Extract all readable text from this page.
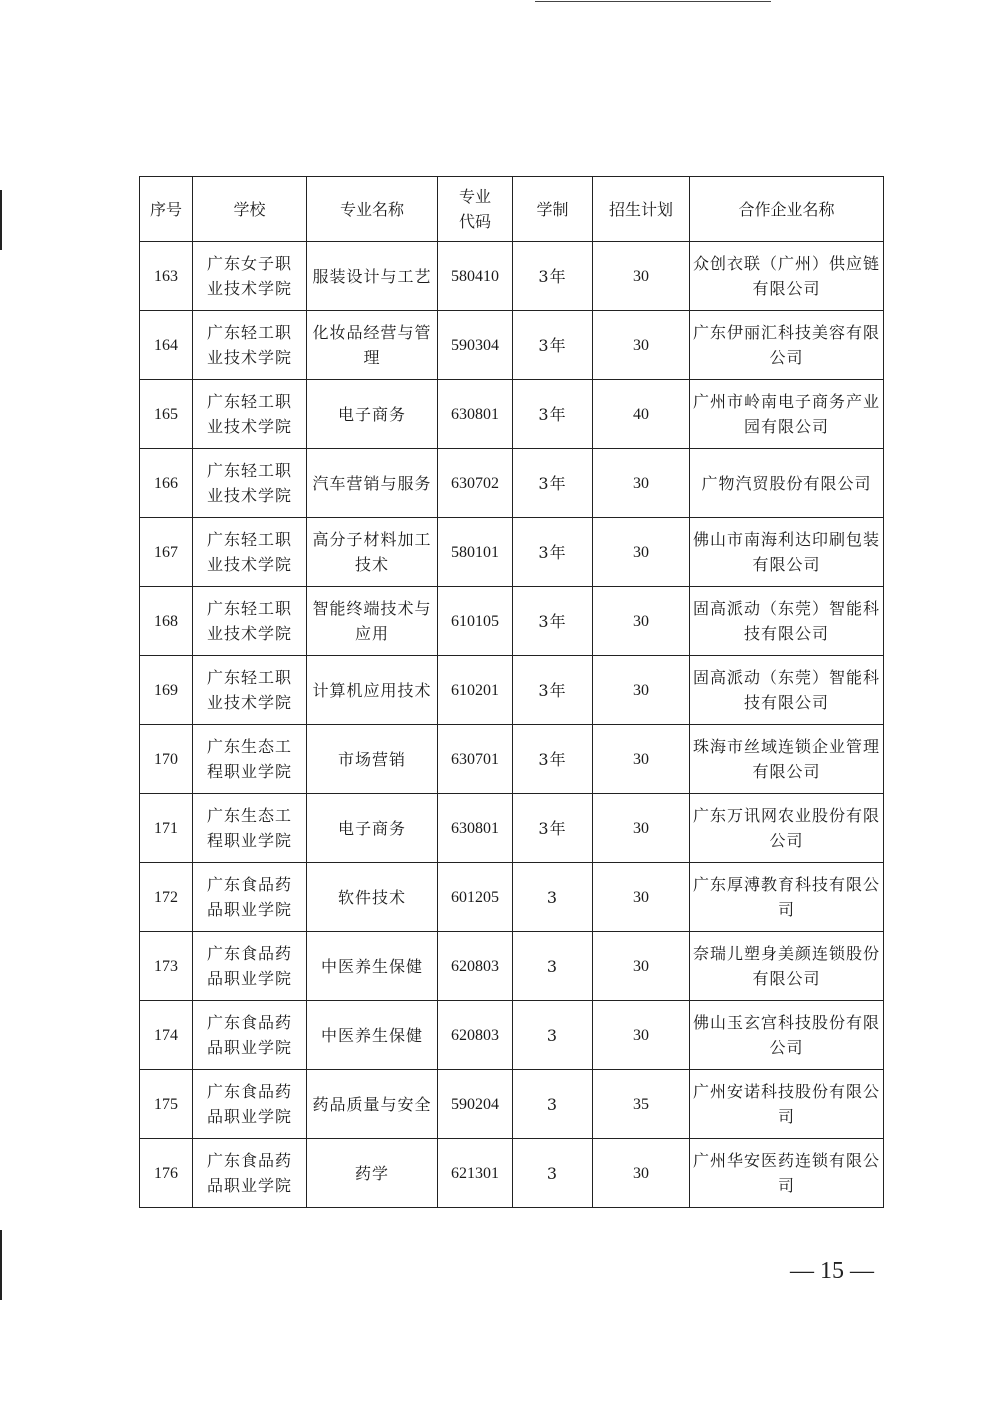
序号	学校	专业名称	专业代码	学制	招生计划	合作企业名称
163	广东女子职业技术学院	服装设计与工艺	580410	3年	30	众创衣联（广州）供应链有限公司
164	广东轻工职业技术学院	化妆品经营与管理	590304	3年	30	广东伊丽汇科技美容有限公司
165	广东轻工职业技术学院	电子商务	630801	3年	40	广州市岭南电子商务产业园有限公司
166	广东轻工职业技术学院	汽车营销与服务	630702	3年	30	广物汽贸股份有限公司
167	广东轻工职业技术学院	高分子材料加工技术	580101	3年	30	佛山市南海利达印刷包装有限公司
168	广东轻工职业技术学院	智能终端技术与应用	610105	3年	30	固高派动（东莞）智能科技有限公司
169	广东轻工职业技术学院	计算机应用技术	610201	3年	30	固高派动（东莞）智能科技有限公司
170	广东生态工程职业学院	市场营销	630701	3年	30	珠海市丝域连锁企业管理有限公司
171	广东生态工程职业学院	电子商务	630801	3年	30	广东万讯网农业股份有限公司
172	广东食品药品职业学院	软件技术	601205	3	30	广东厚溥教育科技有限公司
173	广东食品药品职业学院	中医养生保健	620803	3	30	奈瑞儿塑身美颜连锁股份有限公司
174	广东食品药品职业学院	中医养生保健	620803	3	30	佛山玉玄宫科技股份有限公司
175	广东食品药品职业学院	药品质量与安全	590204	3	35	广州安诺科技股份有限公司
176	广东食品药品职业学院	药学	621301	3	30	广州华安医药连锁有限公司
— 15 —
